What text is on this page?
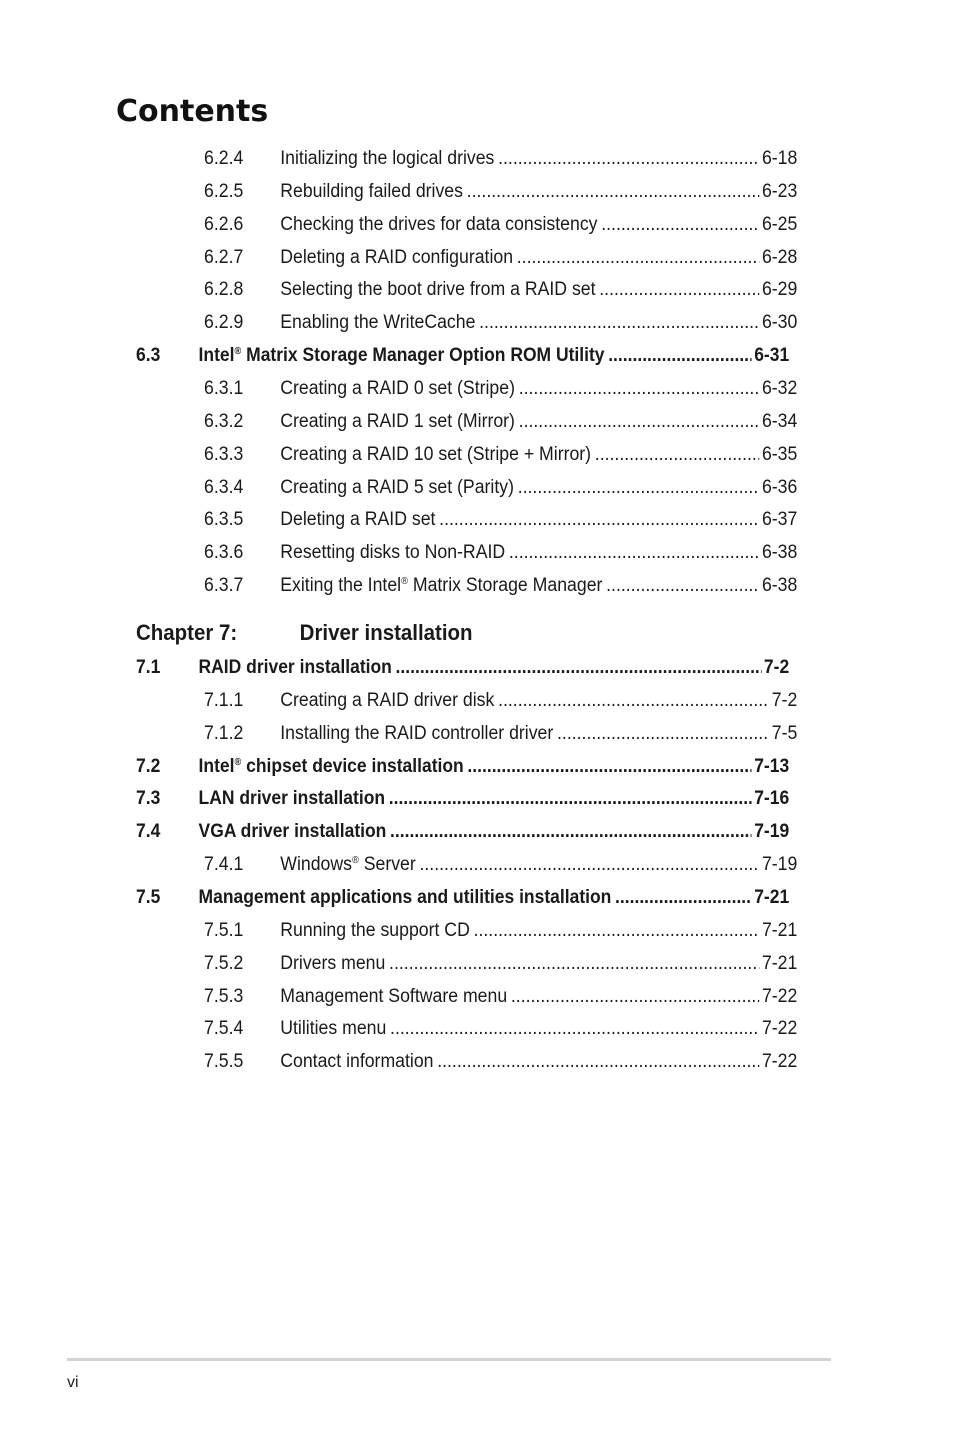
Contents
6.2.4	Initializing the logical drives .....	6-18
6.2.5	Rebuilding failed drives .....	6-23
6.2.6	Checking the drives for data consistency .....	6-25
6.2.7	Deleting a RAID configuration .....	6-28
6.2.8	Selecting the boot drive from a RAID set .....	6-29
6.2.9	Enabling the WriteCache .....	6-30
6.3	Intel® Matrix Storage Manager Option ROM Utility .....	6-31
6.3.1	Creating a RAID 0 set (Stripe) .....	6-32
6.3.2	Creating a RAID 1 set (Mirror) .....	6-34
6.3.3	Creating a RAID 10 set (Stripe + Mirror) .....	6-35
6.3.4	Creating a RAID 5 set (Parity) .....	6-36
6.3.5	Deleting a RAID set .....	6-37
6.3.6	Resetting disks to Non-RAID .....	6-38
6.3.7	Exiting the Intel® Matrix Storage Manager .....	6-38
Chapter 7:	Driver installation
7.1	RAID driver installation .....	7-2
7.1.1	Creating a RAID driver disk .....	7-2
7.1.2	Installing the RAID controller driver .....	7-5
7.2	Intel® chipset device installation .....	7-13
7.3	LAN driver installation .....	7-16
7.4	VGA driver installation .....	7-19
7.4.1	Windows® Server .....	7-19
7.5	Management applications and utilities installation .....	7-21
7.5.1	Running the support CD .....	7-21
7.5.2	Drivers menu .....	7-21
7.5.3	Management Software menu .....	7-22
7.5.4	Utilities menu .....	7-22
7.5.5	Contact information .....	7-22
vi
